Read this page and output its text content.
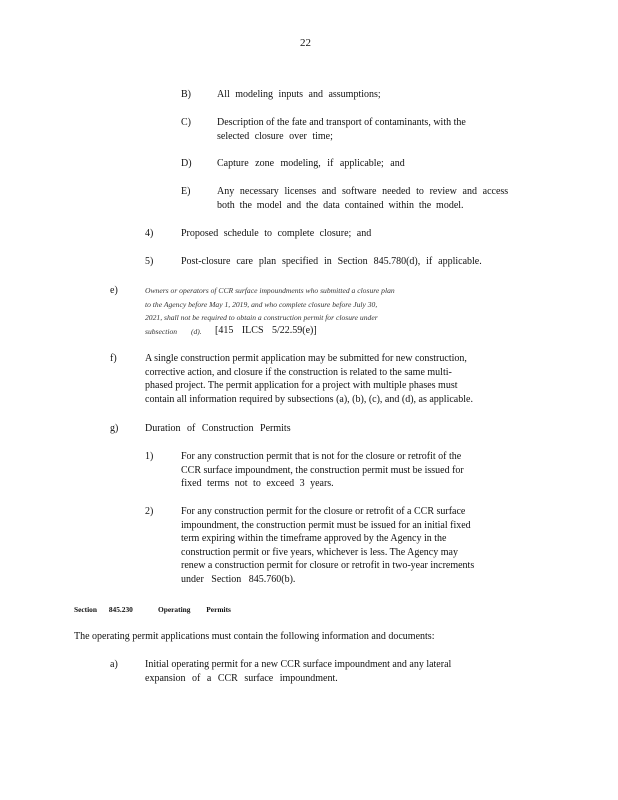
22
B)	All modeling inputs and assumptions;
C)	Description of the fate and transport of contaminants, with the
selected closure over time;
D)	Capture zone modeling, if applicable; and
E)	Any necessary licenses and software needed to review and access
both the model and the data contained within the model.
4)	Proposed schedule to complete closure; and
5)	Post-closure care plan specified in Section 845.780(d), if applicable.
e)	Owners or operators of CCR surface impoundments who submitted a closure plan
to the Agency before May 1, 2019, and who complete closure before July 30,
2021, shall not be required to obtain a construction permit for closure under
subsection (d). [415 ILCS 5/22.59(e)]
f)	A single construction permit application may be submitted for new construction,
corrective action, and closure if the construction is related to the same multi-
phased project. The permit application for a project with multiple phases must
contain all information required by subsections (a), (b), (c), and (d), as applicable.
g)	Duration of Construction Permits
1)	For any construction permit that is not for the closure or retrofit of the
CCR surface impoundment, the construction permit must be issued for
fixed terms not to exceed 3 years.
2)	For any construction permit for the closure or retrofit of a CCR surface
impoundment, the construction permit must be issued for an initial fixed
term expiring within the timeframe approved by the Agency in the
construction permit or five years, whichever is less. The Agency may
renew a construction permit for closure or retrofit in two-year increments
under Section 845.760(b).
Section 845.230	Operating Permits
The operating permit applications must contain the following information and documents:
a)	Initial operating permit for a new CCR surface impoundment and any lateral
expansion of a CCR surface impoundment.
